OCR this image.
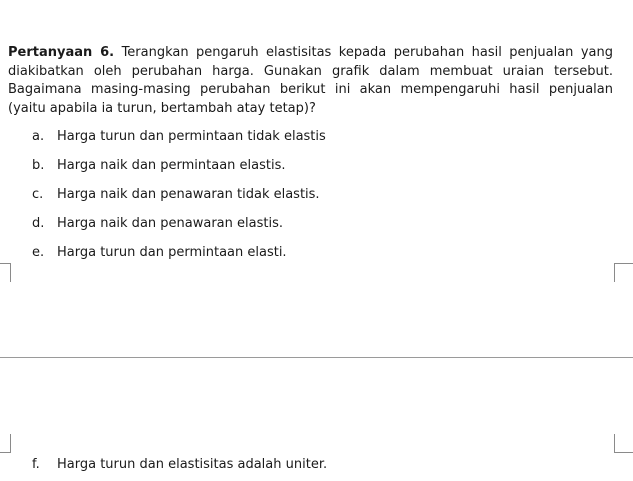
Pertanyaan 6. Terangkan pengaruh elastisitas kepada perubahan hasil penjualan yang diakibatkan oleh perubahan harga. Gunakan grafik dalam membuat uraian tersebut. Bagaimana masing-masing perubahan berikut ini akan mempengaruhi hasil penjualan (yaitu apabila ia turun, bertambah atay tetap)?

a. Harga turun dan permintaan tidak elastis
b. Harga naik dan permintaan elastis.
c. Harga naik dan penawaran tidak elastis.
d. Harga naik dan penawaran elastis.
e. Harga turun dan permintaan elasti.
f. Harga turun dan elastisitas adalah uniter.
